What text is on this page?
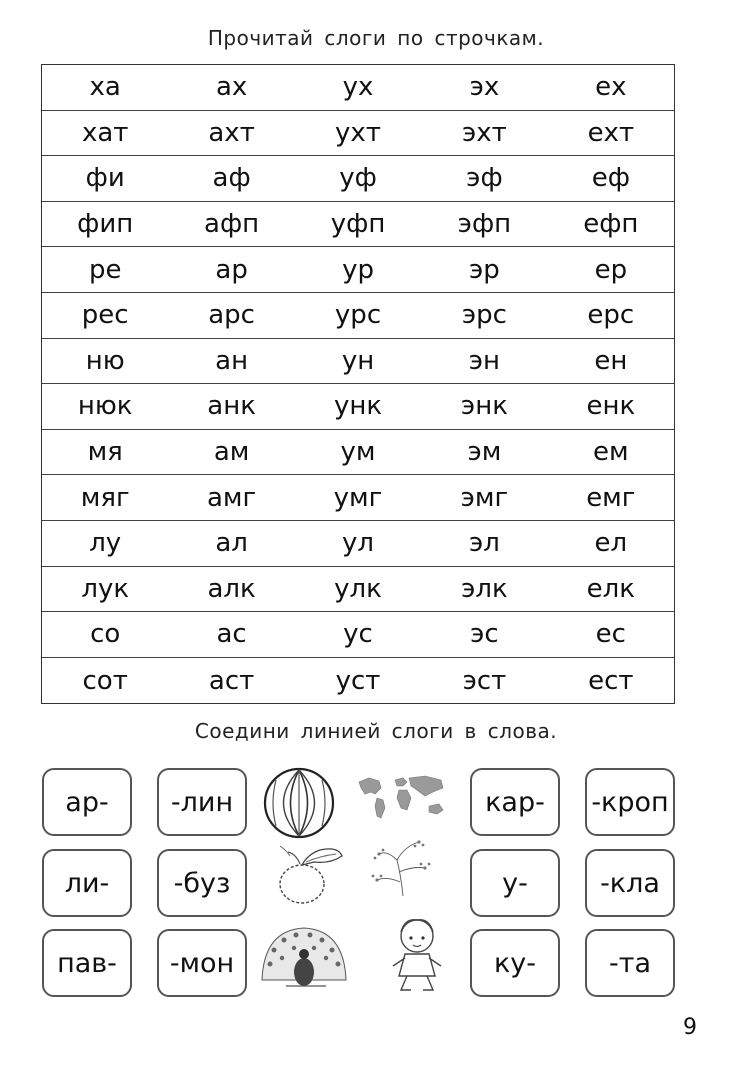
Прочитай слоги по строчкам.
ха	ах	ух	эх	ех
хат	ахт	ухт	эхт	ехт
фи	аф	уф	эф	еф
фип	афп	уфп	эфп	ефп
ре	ар	ур	эр	ер
рес	арс	урс	эрс	ерс
ню	ан	ун	эн	ен
нюк	анк	унк	энк	енк
мя	ам	ум	эм	ем
мяг	амг	умг	эмг	емг
лу	ал	ул	эл	ел
лук	алк	улк	элк	елк
со	ас	ус	эс	ес
сот	аст	уст	эст	ест
Соедини линией слоги в слова.
ар-	-лин	кар-	-кроп
ли-	-буз	у-	-кла
пав-	-мон	ку-	-та
9
